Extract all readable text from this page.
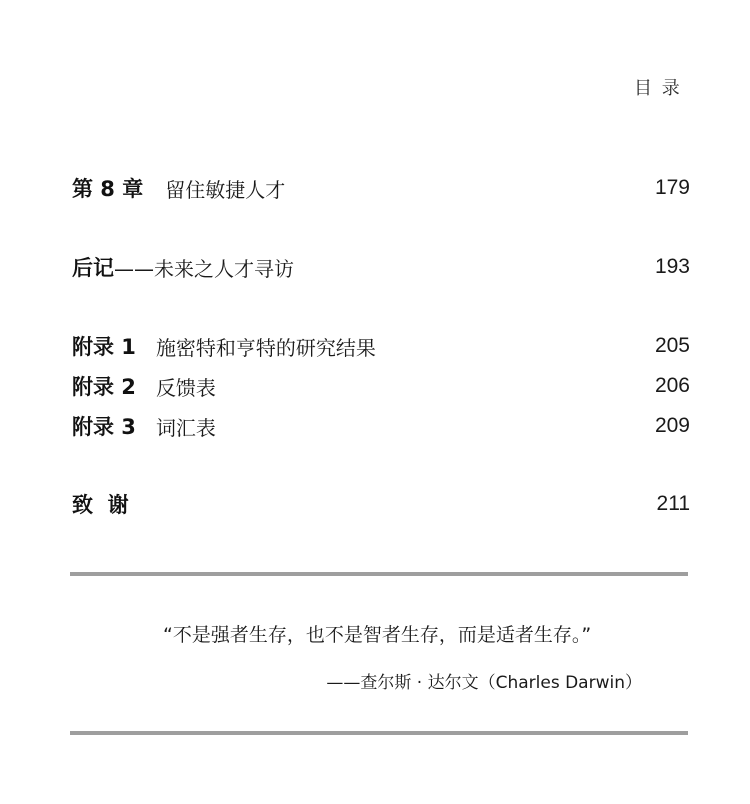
目 录
第 8 章 留住敏捷人才	179
后记 ——未来之人才寻访	193
附录 1 施密特和亨特的研究结果	205
附录 2 反馈表	206
附录 3 词汇表	209
致  谢	211
“不是强者生存，也不是智者生存，而是适者生存。”
——查尔斯 · 达尔文（Charles Darwin）
